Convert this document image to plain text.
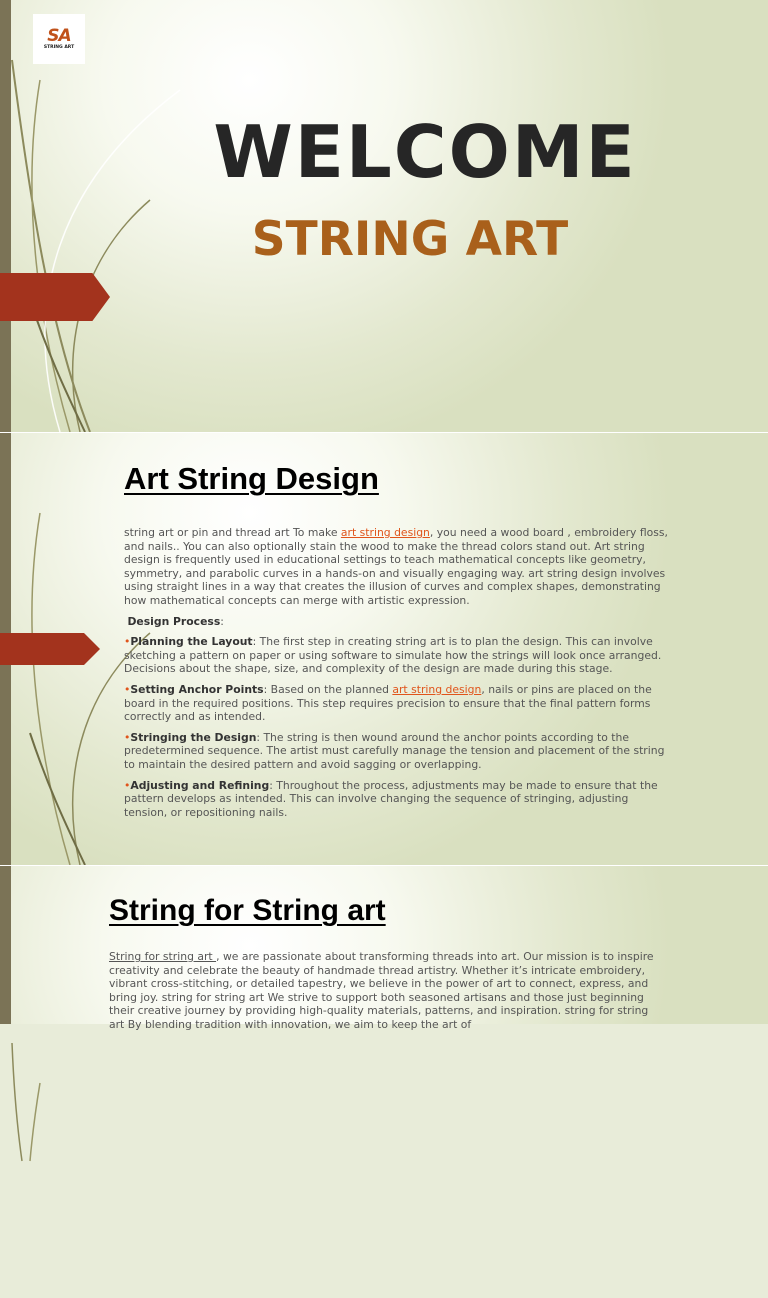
SA
STRING ART
WELCOME
STRING ART
Art String Design

string art or pin and thread art To make art string design, you need a wood board , embroidery floss, and nails.. You can also optionally stain the wood to make the thread colors stand out. Art string design is frequently used in educational settings to teach mathematical concepts like geometry, symmetry, and parabolic curves in a hands-on and visually engaging way. art string design involves using straight lines in a way that creates the illusion of curves and complex shapes, demonstrating how mathematical concepts can merge with artistic expression.

Design Process:

•Planning the Layout: The first step in creating string art is to plan the design. This can involve sketching a pattern on paper or using software to simulate how the strings will look once arranged. Decisions about the shape, size, and complexity of the design are made during this stage.

•Setting Anchor Points: Based on the planned art string design, nails or pins are placed on the board in the required positions. This step requires precision to ensure that the final pattern forms correctly and as intended.

•Stringing the Design: The string is then wound around the anchor points according to the predetermined sequence. The artist must carefully manage the tension and placement of the string to maintain the desired pattern and avoid sagging or overlapping.

•Adjusting and Refining: Throughout the process, adjustments may be made to ensure that the pattern develops as intended. This can involve changing the sequence of stringing, adjusting tension, or repositioning nails.

String for String art

String for string art , we are passionate about transforming threads into art. Our mission is to inspire creativity and celebrate the beauty of handmade thread artistry. Whether it’s intricate embroidery, vibrant cross-stitching, or detailed tapestry, we believe in the power of art to connect, express, and bring joy. string for string art We strive to support both seasoned artisans and those just beginning their creative journey by providing high-quality materials, patterns, and inspiration. string for string art By blending tradition with innovation, we aim to keep the art of
